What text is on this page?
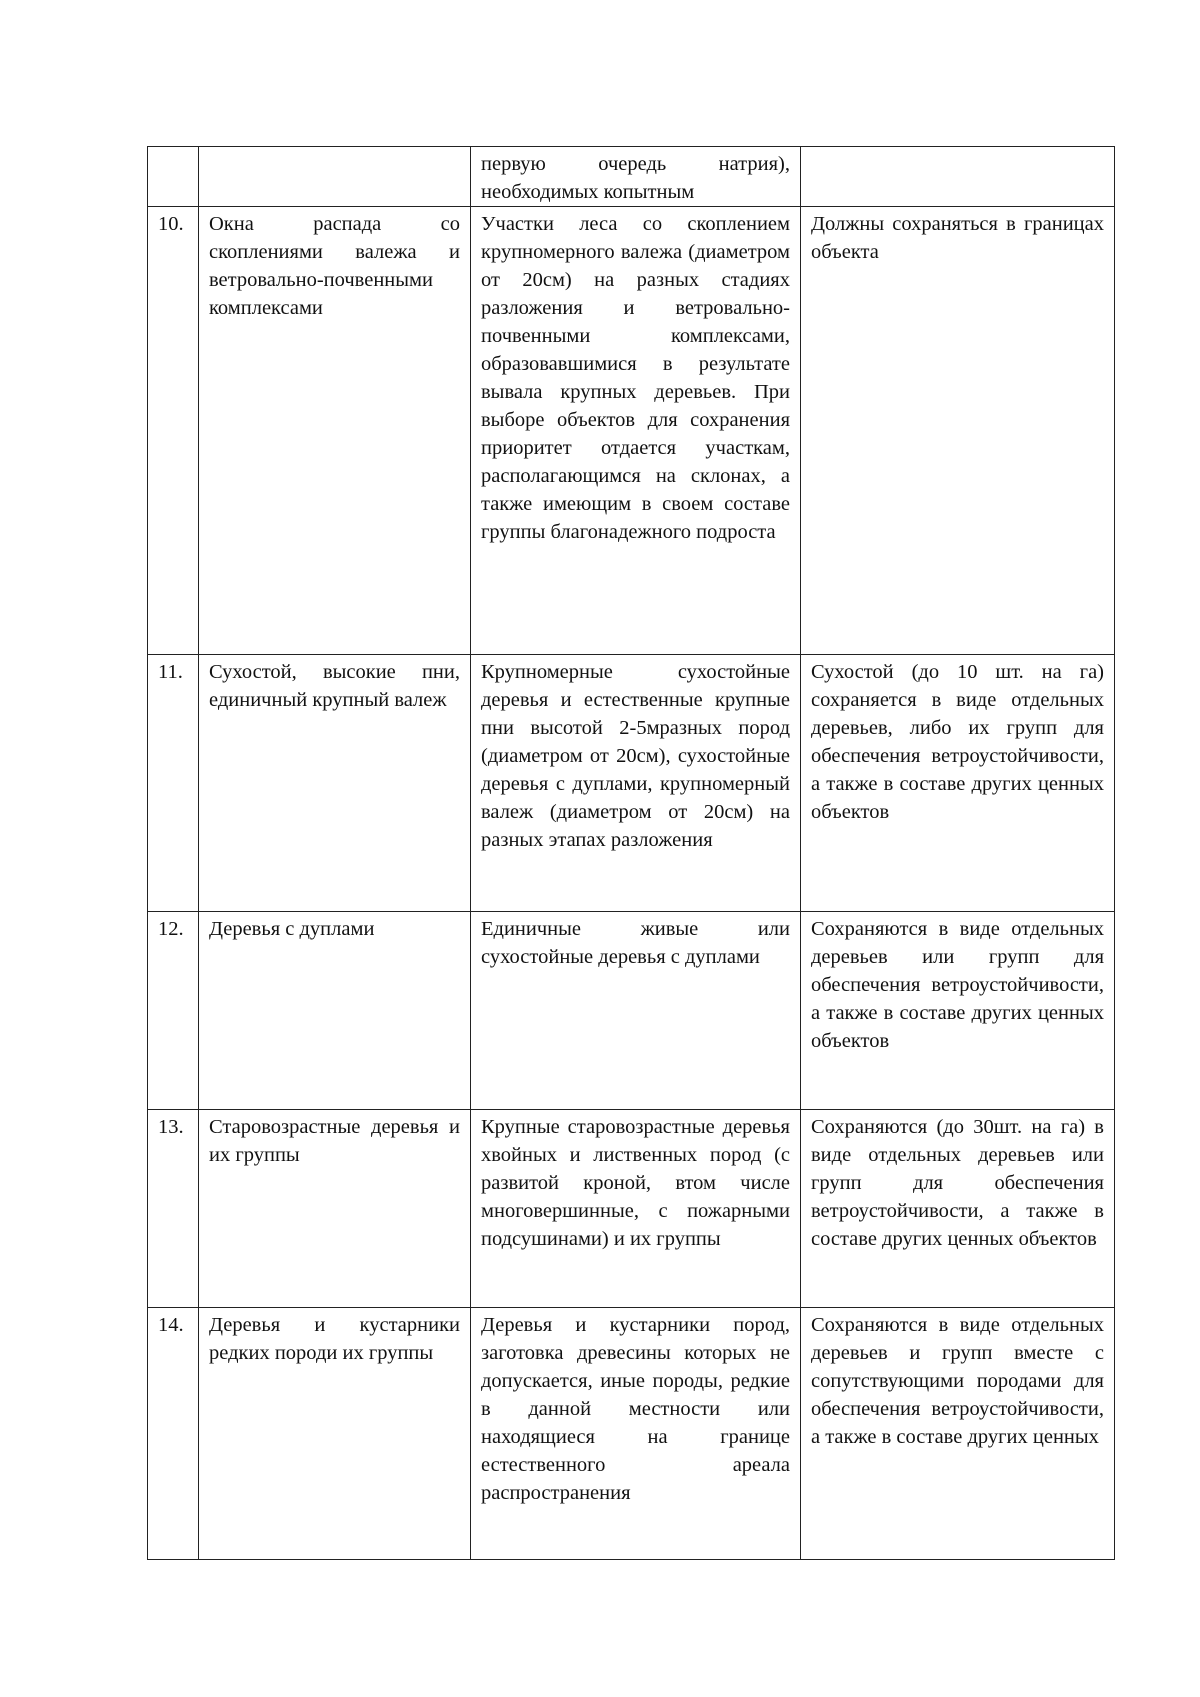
		первую очередь натрия), необходимых копытным	
10.	Окна распада со скоплениями валежа и ветровально-почвенными комплексами	Участки леса со скоплением крупномерного валежа (диаметром от 20см) на разных стадиях разложения и ветровально-почвенными комплексами, образовавшимися в результате вывала крупных деревьев. При выборе объектов для сохранения приоритет отдается участкам, располагающимся на склонах, а также имеющим в своем составе группы благонадежного подроста	Должны сохраняться в границах объекта
11.	Сухостой, высокие пни, единичный крупный валеж	Крупномерные сухостойные деревья и естественные крупные пни высотой 2-5мразных пород (диаметром от 20см), сухостойные деревья с дуплами, крупномерный валеж (диаметром от 20см) на разных этапах разложения	Сухостой (до 10 шт. на га) сохраняется в виде отдельных деревьев, либо их групп для обеспечения ветроустойчивости, а также в составе других ценных объектов
12.	Деревья с дуплами	Единичные живые или сухостойные деревья с дуплами	Сохраняются в виде отдельных деревьев или групп для обеспечения ветроустойчивости, а также в составе других ценных объектов
13.	Старовозрастные деревья и их группы	Крупные старовозрастные деревья хвойных и лиственных пород (с развитой кроной, втом числе многовершинные, с пожарными подсушинами) и их группы	Сохраняются (до 30шт. на га) в виде отдельных деревьев или групп для обеспечения ветроустойчивости, а также в составе других ценных объектов
14.	Деревья и кустарники редких породи их группы	Деревья и кустарники пород, заготовка древесины которых не допускается, иные породы, редкие в данной местности или находящиеся на границе естественного ареала распространения	Сохраняются в виде отдельных деревьев и групп вместе с сопутствующими породами для обеспечения ветроустойчивости, а также в составе других ценных
